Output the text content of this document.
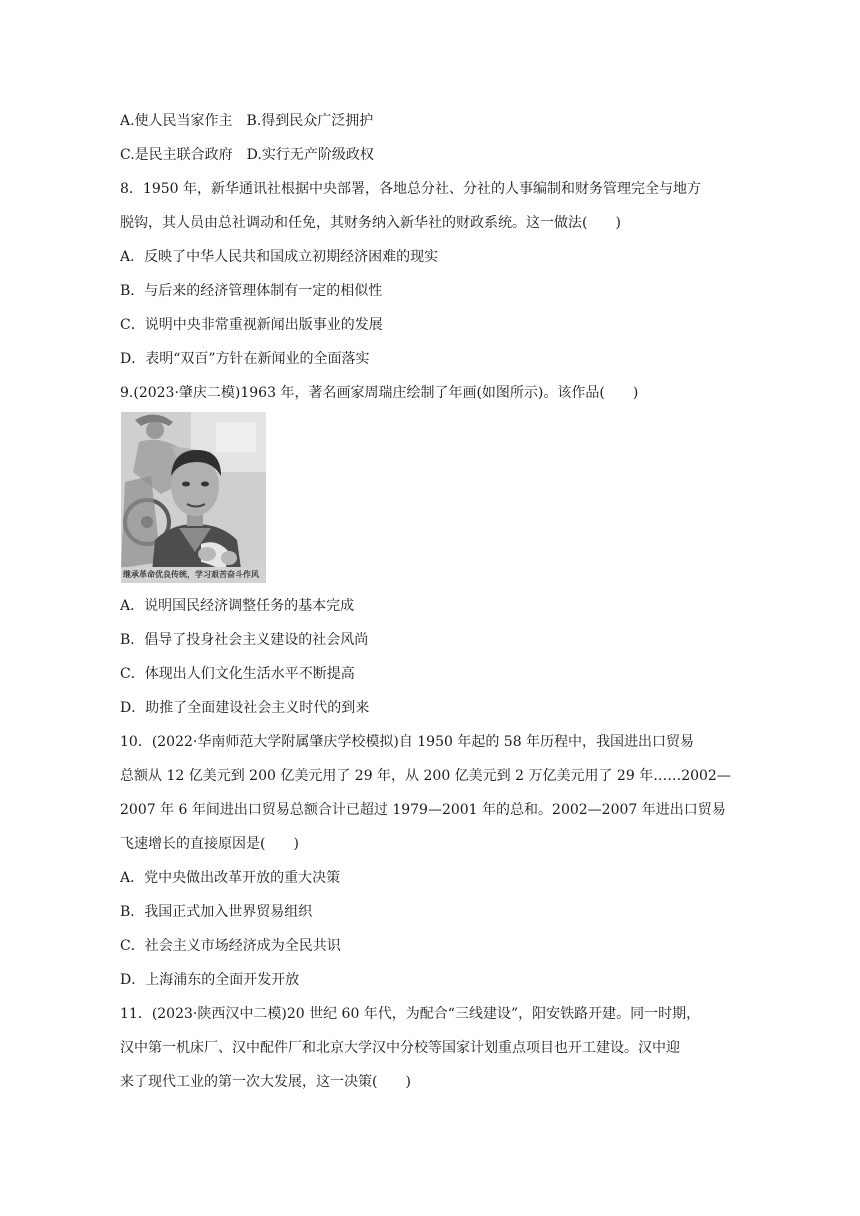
A.使人民当家作主　B.得到民众广泛拥护
C.是民主联合政府　D.实行无产阶级政权
8．1950 年，新华通讯社根据中央部署，各地总分社、分社的人事编制和财务管理完全与地方
脱钩，其人员由总社调动和任免，其财务纳入新华社的财政系统。这一做法(　　)
A．反映了中华人民共和国成立初期经济困难的现实
B．与后来的经济管理体制有一定的相似性
C．说明中央非常重视新闻出版事业的发展
D．表明“双百”方针在新闻业的全面落实
9.(2023·肇庆二模)1963 年，著名画家周瑞庄绘制了年画(如图所示)。该作品(　　)
继承革命优良传统，学习艰苦奋斗作风
A．说明国民经济调整任务的基本完成
B．倡导了投身社会主义建设的社会风尚
C．体现出人们文化生活水平不断提高
D．助推了全面建设社会主义时代的到来
10．(2022·华南师范大学附属肇庆学校模拟)自 1950 年起的 58 年历程中，我国进出口贸易
总额从 12 亿美元到 200 亿美元用了 29 年，从 200 亿美元到 2 万亿美元用了 29 年……2002—
2007 年 6 年间进出口贸易总额合计已超过 1979—2001 年的总和。2002—2007 年进出口贸易
飞速增长的直接原因是(　　)
A．党中央做出改革开放的重大决策
B．我国正式加入世界贸易组织
C．社会主义市场经济成为全民共识
D．上海浦东的全面开发开放
11．(2023·陕西汉中二模)20 世纪 60 年代，为配合“三线建设”，阳安铁路开建。同一时期，
汉中第一机床厂、汉中配件厂和北京大学汉中分校等国家计划重点项目也开工建设。汉中迎
来了现代工业的第一次大发展，这一决策(　　)
